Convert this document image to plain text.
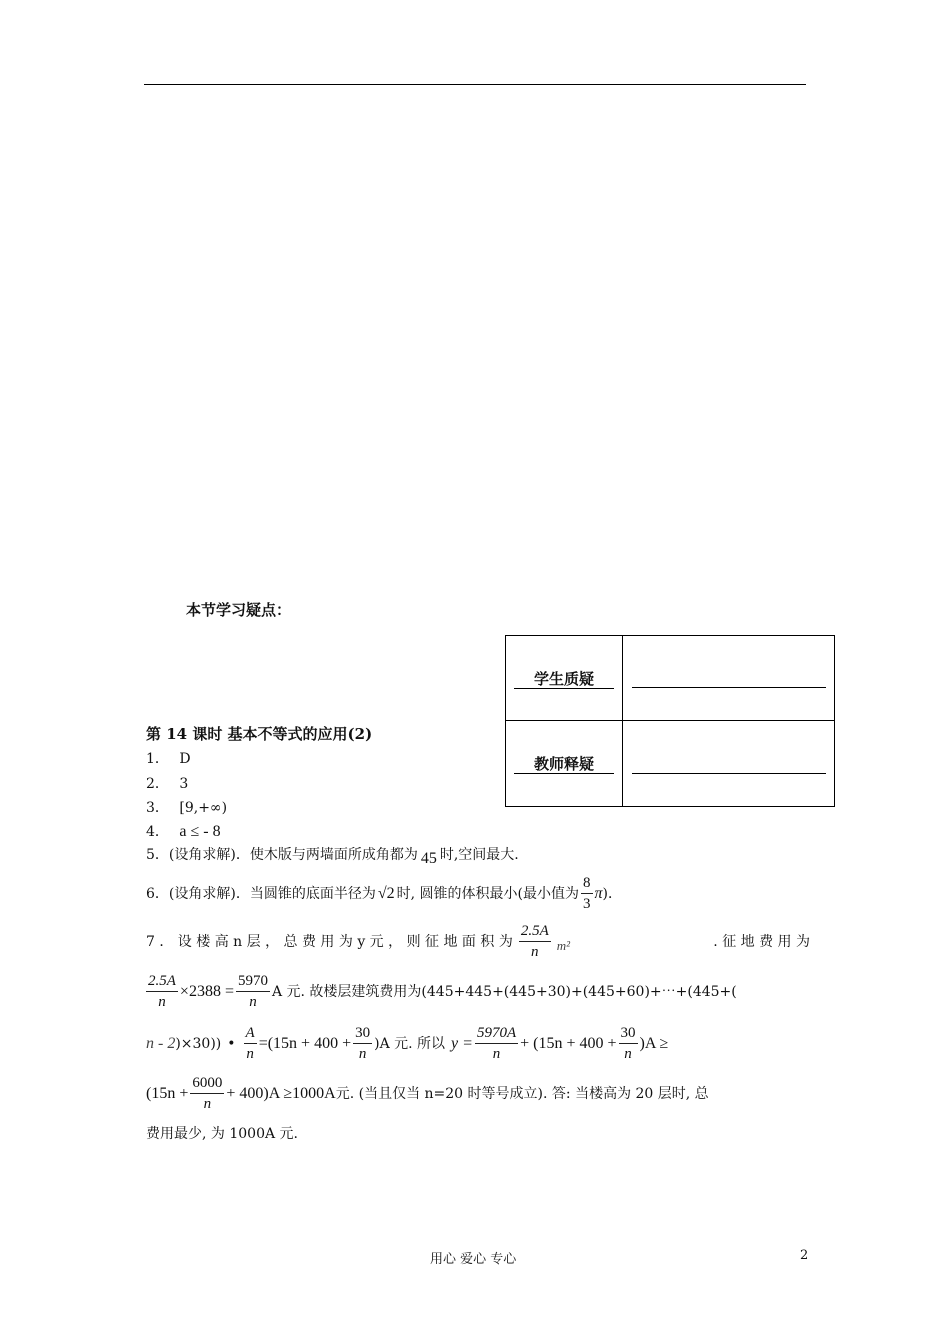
本节学习疑点：
学生质疑
教师释疑
第 14 课时 基本不等式的应用(2)
1． D
2． 3
3． [9,+∞)
4． a ≤ - 8
5．(设角求解)．使木版与两墙面所成角都为 45 时,空间最大.
6．(设角求解)．当圆锥的底面半径为 √2 时, 圆锥的体积最小(最小值为 $\frac{8}{3} \pi$)．
7 ． 设 楼 高 n 层 ， 总 费 用 为 y 元 ， 则 征 地 面 积 为 $\frac{2.5A}{n} m^2$	. 征 地 费 用 为
$\frac{2.5A}{n} \times 2388 = \frac{5970}{n}$ A 元. 故楼层建筑费用为(445+445+(445+30)+(445+60)+⋯+(445+(
n - 2 )×30)) • $\frac{A}{n} =(15n + 400 + \frac{30}{n} )A$ 元. 所以 $y = \frac{5970A}{n} + (15n + 400 + \frac{30}{n} )A$ ≥
$(15n + \frac{6000}{n} + 400)A \ge 1000A$ 元. (当且仅当 n=20 时等号成立). 答: 当楼高为 20 层时, 总
费用最少, 为 1000A 元.
用心 爱心 专心	2
